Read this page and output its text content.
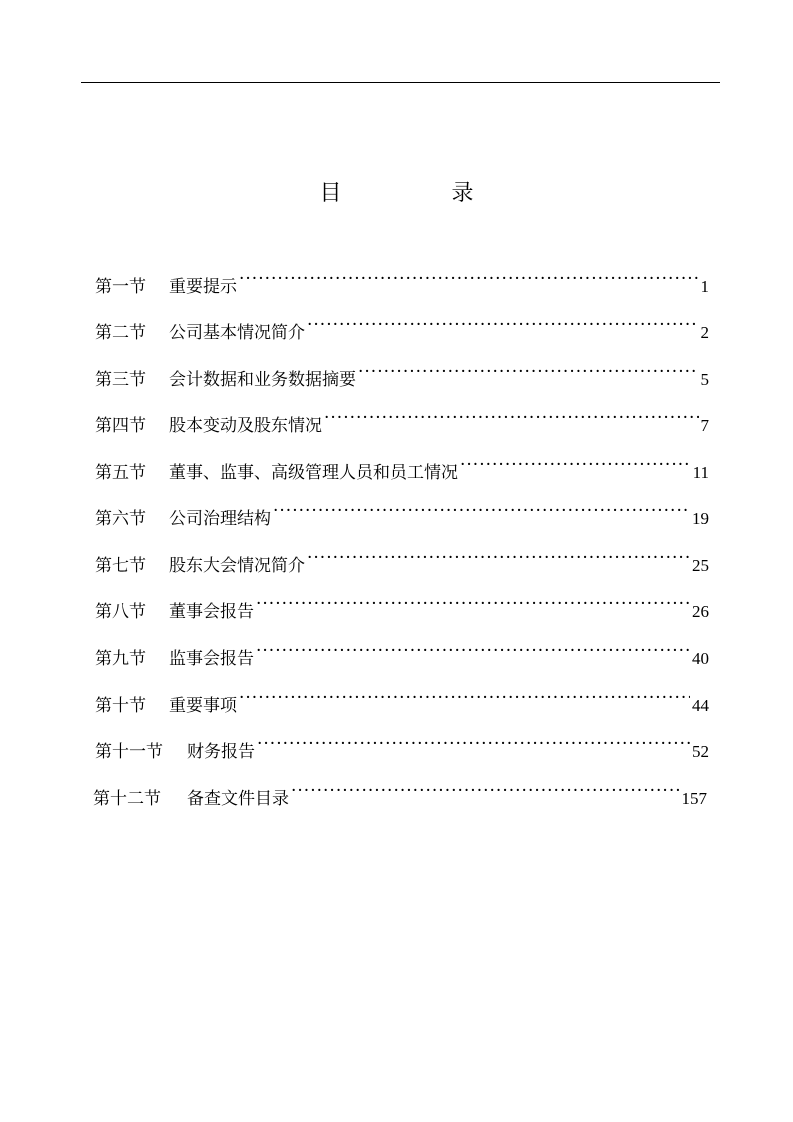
目　录
第一节	重要提示 ·····	1
第二节	公司基本情况简介 ·····	2
第三节	会计数据和业务数据摘要 ·····	5
第四节	股本变动及股东情况 ·····	7
第五节	董事、监事、高级管理人员和员工情况 ·····	11
第六节	公司治理结构 ·····	19
第七节	股东大会情况简介 ·····	25
第八节	董事会报告 ·····	26
第九节	监事会报告 ·····	40
第十节	重要事项 ·····	44
第十一节	财务报告 ·····	52
第十二节	备查文件目录 ·····	157
